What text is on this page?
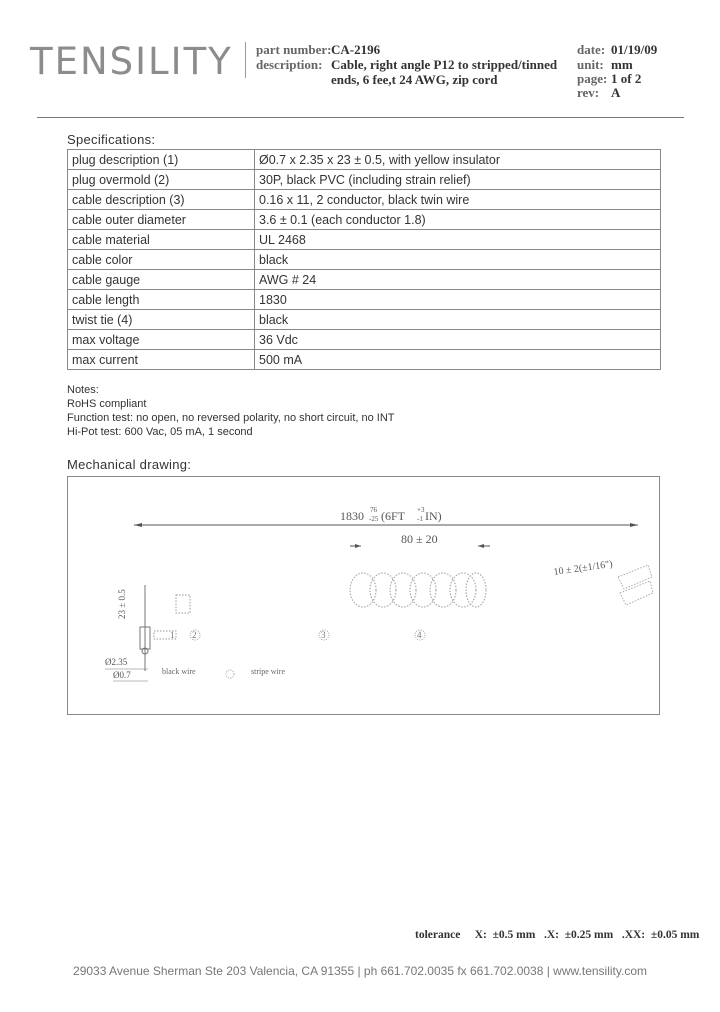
TENSILITY part number: CA-2196
description: Cable, right angle P12 to stripped/tinned ends, 6 fee,t 24 AWG, zip cord
date: 01/19/09
unit: mm
page: 1 of 2
rev: A
Specifications:
plug description (1)	Ø0.7 x 2.35 x 23 ± 0.5, with yellow insulator
plug overmold (2)	30P, black PVC (including strain relief)
cable description (3)	0.16 x 11, 2 conductor, black twin wire
cable outer diameter	3.6 ± 0.1 (each conductor 1.8)
cable material	UL 2468
cable color	black
cable gauge	AWG # 24
cable length	1830
twist tie (4)	black
max voltage	36 Vdc
max current	500 mA
Notes:
RoHS compliant
Function test: no open, no reversed polarity, no short circuit, no INT
Hi-Pot test: 600 Vac, 05 mA, 1 second
Mechanical drawing:
1830 76
-25 (6FT +3
-1 IN)
80 ± 20
10 ± 2(±1/16")
23 ± 0.5
Ø2.35
Ø0.7
1 2	3	4
black wire	stripe wire
tolerance X:  ±0.5 mm .X:  ±0.25 mm .XX:  ±0.05 mm
29033 Avenue Sherman Ste 203 Valencia, CA 91355 | ph 661.702.0035 fx 661.702.0038 | www.tensility.com
